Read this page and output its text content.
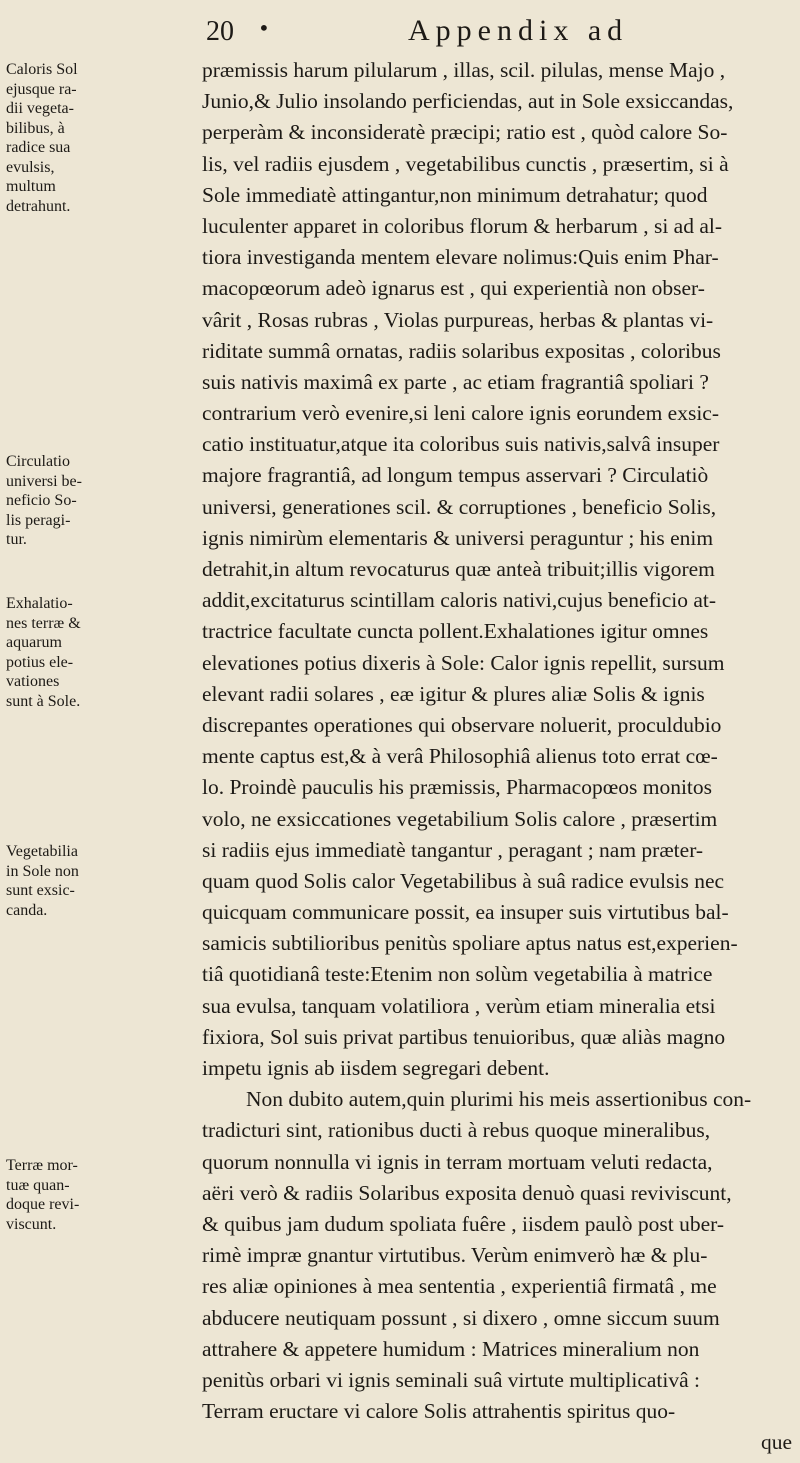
20 •	Appendix ad
Caloris Sol
ejusque ra-
dii vegeta-
bilibus, à
radice sua
evulsis,
multum
detrahunt.
Circulatio
universi be-
neficio So-
lis peragi-
tur.
Exhalatio-
nes terræ &
aquarum
potius ele-
vationes
sunt à Sole.
Vegetabilia
in Sole non
sunt exsic-
canda.
Terræ mor-
tuæ quan-
doque revi-
viscunt.
præmissis harum pilularum , illas, scil. pilulas, mense Majo ,
Junio,& Julio insolando perficiendas, aut in Sole exsiccandas,
perperàm & inconsideratè præcipi; ratio est , quòd calore So-
lis, vel radiis ejusdem , vegetabilibus cunctis , præsertim, si à
Sole immediatè attingantur,non minimum detrahatur; quod
luculenter apparet in coloribus florum & herbarum , si ad al-
tiora investiganda mentem elevare nolimus:Quis enim Phar-
macopœorum adeò ignarus est , qui experientià non obser-
vârit , Rosas rubras , Violas purpureas, herbas & plantas vi-
riditate summâ ornatas, radiis solaribus expositas , coloribus
suis nativis maximâ ex parte , ac etiam fragrantiâ spoliari ?
contrarium verò evenire,si leni calore ignis eorundem exsic-
catio instituatur,atque ita coloribus suis nativis,salvâ insuper
majore fragrantiâ, ad longum tempus asservari ? Circulatiò
universi, generationes scil. & corruptiones , beneficio Solis,
ignis nimirùm elementaris & universi peraguntur ; his enim
detrahit,in altum revocaturus quæ anteà tribuit;illis vigorem
addit,excitaturus scintillam caloris nativi,cujus beneficio at-
tractrice facultate cuncta pollent.Exhalationes igitur omnes
elevationes potius dixeris à Sole: Calor ignis repellit, sursum
elevant radii solares , eæ igitur & plures aliæ Solis & ignis
discrepantes operationes qui observare noluerit, proculdubio
mente captus est,& à verâ Philosophiâ alienus toto errat cœ-
lo. Proindè pauculis his præmissis, Pharmacopœos monitos
volo, ne exsiccationes vegetabilium Solis calore , præsertim
si radiis ejus immediatè tangantur , peragant ; nam præter-
quam quod Solis calor Vegetabilibus à suâ radice evulsis nec
quicquam communicare possit, ea insuper suis virtutibus bal-
samicis subtilioribus penitùs spoliare aptus natus est,experien-
tiâ quotidianâ teste:Etenim non solùm vegetabilia à matrice
sua evulsa, tanquam volatiliora , verùm etiam mineralia etsi
fixiora, Sol suis privat partibus tenuioribus, quæ aliàs magno
impetu ignis ab iisdem segregari debent.
Non dubito autem,quin plurimi his meis assertionibus con-
tradicturi sint, rationibus ducti à rebus quoque mineralibus,
quorum nonnulla vi ignis in terram mortuam veluti redacta,
aëri verò & radiis Solaribus exposita denuò quasi reviviscunt,
& quibus jam dudum spoliata fuêre , iisdem paulò post uber-
rimè impræ gnantur virtutibus. Verùm enimverò hæ & plu-
res aliæ opiniones à mea sententia , experientiâ firmatâ , me
abducere neutiquam possunt , si dixero , omne siccum suum
attrahere & appetere humidum : Matrices mineralium non
penitùs orbari vi ignis seminali suâ virtute multiplicativâ :
Terram eructare vi calore Solis attrahentis spiritus quo-
que
